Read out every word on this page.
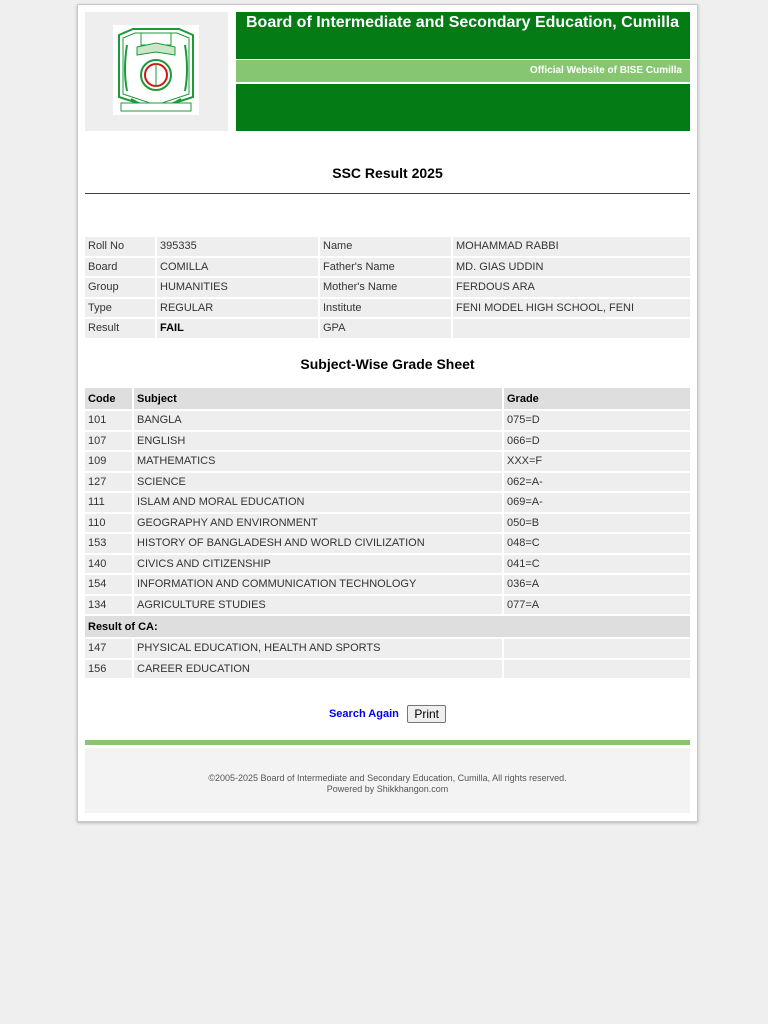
Board of Intermediate and Secondary Education, Cumilla
Official Website of BISE Cumilla
SSC Result 2025
Roll No	395335	Name	MOHAMMAD RABBI
Board	COMILLA	Father's Name	MD. GIAS UDDIN
Group	HUMANITIES	Mother's Name	FERDOUS ARA
Type	REGULAR	Institute	FENI MODEL HIGH SCHOOL, FENI
Result	FAIL	GPA	
Subject-Wise Grade Sheet
Code	Subject	Grade
101	BANGLA	075=D
107	ENGLISH	066=D
109	MATHEMATICS	XXX=F
127	SCIENCE	062=A-
111	ISLAM AND MORAL EDUCATION	069=A-
110	GEOGRAPHY AND ENVIRONMENT	050=B
153	HISTORY OF BANGLADESH AND WORLD CIVILIZATION	048=C
140	CIVICS AND CITIZENSHIP	041=C
154	INFORMATION AND COMMUNICATION TECHNOLOGY	036=A
134	AGRICULTURE STUDIES	077=A
Result of CA:		
147	PHYSICAL EDUCATION, HEALTH AND SPORTS	
156	CAREER EDUCATION	
Search Again Print
©2005-2025 Board of Intermediate and Secondary Education, Cumilla, All rights reserved.
Powered by Shikkhangon.com
